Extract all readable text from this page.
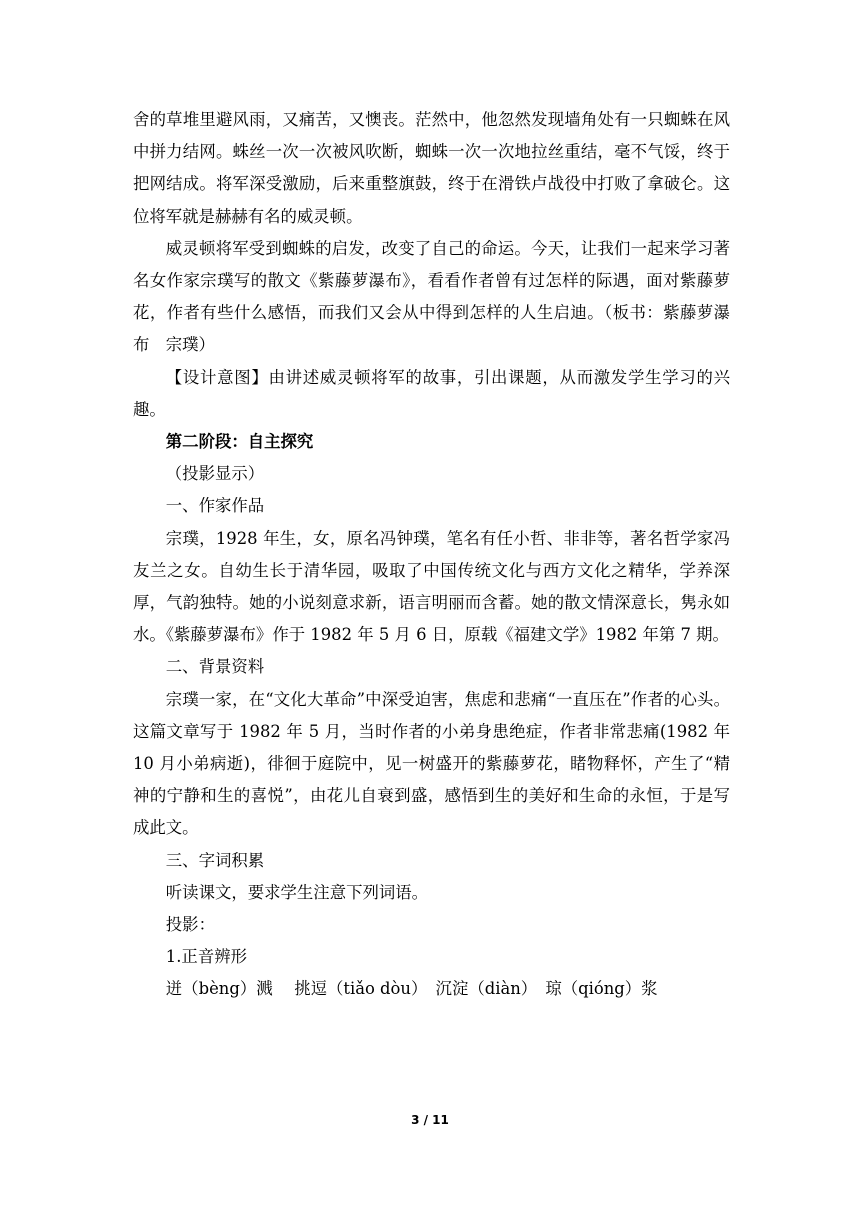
舍的草堆里避风雨，又痛苦，又懊丧。茫然中，他忽然发现墙角处有一只蜘蛛在风中拼力结网。蛛丝一次一次被风吹断，蜘蛛一次一次地拉丝重结，毫不气馁，终于把网结成。将军深受激励，后来重整旗鼓，终于在滑铁卢战役中打败了拿破仑。这位将军就是赫赫有名的威灵顿。

威灵顿将军受到蜘蛛的启发，改变了自己的命运。今天，让我们一起来学习著名女作家宗璞写的散文《紫藤萝瀑布》，看看作者曾有过怎样的际遇，面对紫藤萝花，作者有些什么感悟，而我们又会从中得到怎样的人生启迪。（板书：紫藤萝瀑布　宗璞）

【设计意图】由讲述威灵顿将军的故事，引出课题，从而激发学生学习的兴趣。

第二阶段：自主探究

（投影显示）

一、作家作品

宗璞，1928 年生，女，原名冯钟璞，笔名有任小哲、非非等，著名哲学家冯友兰之女。自幼生长于清华园，吸取了中国传统文化与西方文化之精华，学养深厚，气韵独特。她的小说刻意求新，语言明丽而含蓄。她的散文情深意长，隽永如水。《紫藤萝瀑布》作于 1982 年 5 月 6 日，原载《福建文学》1982 年第 7 期。

二、背景资料

宗璞一家，在“文化大革命”中深受迫害，焦虑和悲痛“一直压在”作者的心头。这篇文章写于 1982 年 5 月，当时作者的小弟身患绝症，作者非常悲痛(1982 年 10 月小弟病逝)，徘徊于庭院中，见一树盛开的紫藤萝花，睹物释怀，产生了“精神的宁静和生的喜悦”，由花儿自衰到盛，感悟到生的美好和生命的永恒，于是写成此文。

三、字词积累

听读课文，要求学生注意下列词语。

投影：

1.正音辨形

迸（bèng）溅　 挑逗（tiǎo dòu）　沉淀（diàn）　琼（qióng）浆

3 / 11
